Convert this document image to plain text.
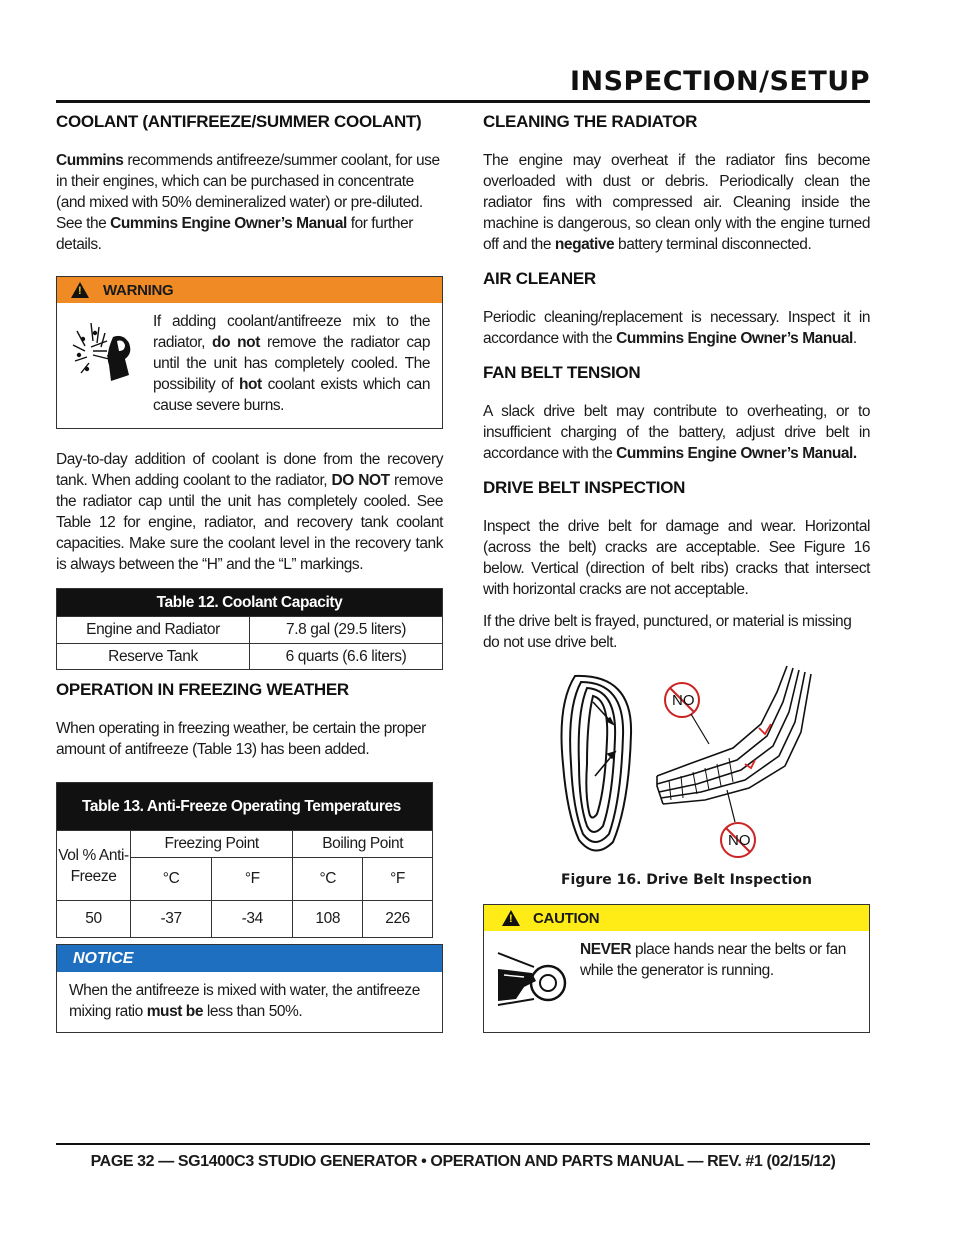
INSPECTION/SETUP
COOLANT (ANTIFREEZE/SUMMER COOLANT)

Cummins recommends antifreeze/summer coolant, for use in their engines, which can be purchased in concentrate (and mixed with 50% demineralized water) or pre-diluted. See the Cummins Engine Owner’s Manual for further details.

! WARNING

If adding coolant/antifreeze mix to the radiator, do not remove the radiator cap until the unit has completely cooled. The possibility of hot coolant exists which can cause severe burns.

Day-to-day addition of coolant is done from the recovery tank. When adding coolant to the radiator, DO NOT remove the radiator cap until the unit has completely cooled. See Table 12 for engine, radiator, and recovery tank coolant capacities. Make sure the coolant level in the recovery tank is always between the “H” and the “L” markings.

Table 12. Coolant Capacity	
Engine and Radiator	7.8 gal (29.5 liters)
Reserve Tank	6 quarts (6.6 liters)
OPERATION IN FREEZING WEATHER

When operating in freezing weather, be certain the proper amount of antifreeze (Table 13) has been added.

Table 13. Anti-Freeze Operating Temperatures				
Vol % Anti- Freeze	Freezing Point		Boiling Point	
	°C	°F	°C	°F
50	-37	-34	108	226
NOTICE

When the antifreeze is mixed with water, the antifreeze mixing ratio must be less than 50%.

CLEANING THE RADIATOR

The engine may overheat if the radiator fins become overloaded with dust or debris. Periodically clean the radiator fins with compressed air. Cleaning inside the machine is dangerous, so clean only with the engine turned off and the negative battery terminal disconnected.

AIR CLEANER

Periodic cleaning/replacement is necessary. Inspect it in accordance with the Cummins Engine Owner’s Manual.

FAN BELT TENSION

A slack drive belt may contribute to overheating, or to insufficient charging of the battery, adjust drive belt in accordance with the Cummins Engine Owner’s Manual.

DRIVE BELT INSPECTION

Inspect the drive belt for damage and wear. Horizontal (across the belt) cracks are acceptable. See Figure 16 below. Vertical (direction of belt ribs) cracks that intersect with horizontal cracks are not acceptable.

If the drive belt is frayed, punctured, or material is missing do not use drive belt.

NO
NO
Figure 16. Drive Belt Inspection
! CAUTION

NEVER place hands near the belts or fan while the generator is running.

PAGE 32 — SG1400C3 STUDIO GENERATOR • OPERATION AND PARTS MANUAL — REV. #1 (02/15/12)
